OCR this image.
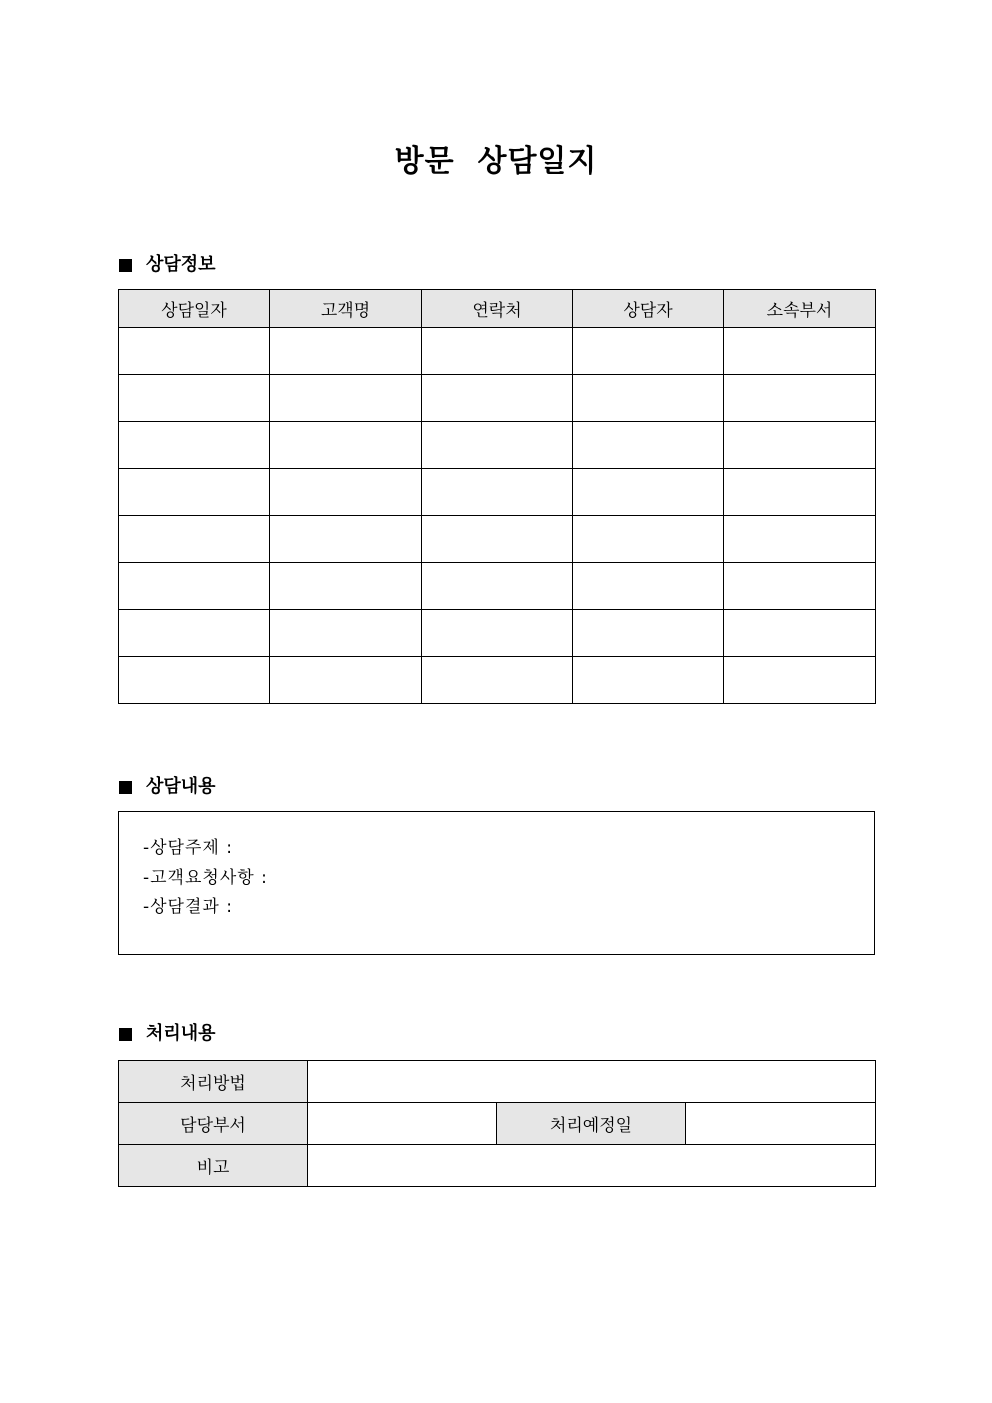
방문  상담일지
상담정보
상담일자	고객명	연락처	상담자	소속부서

상담내용
-상담주제 :
-고객요청사항 :
-상담결과 :
처리내용
처리방법			
담당부서		처리예정일	
비고			
